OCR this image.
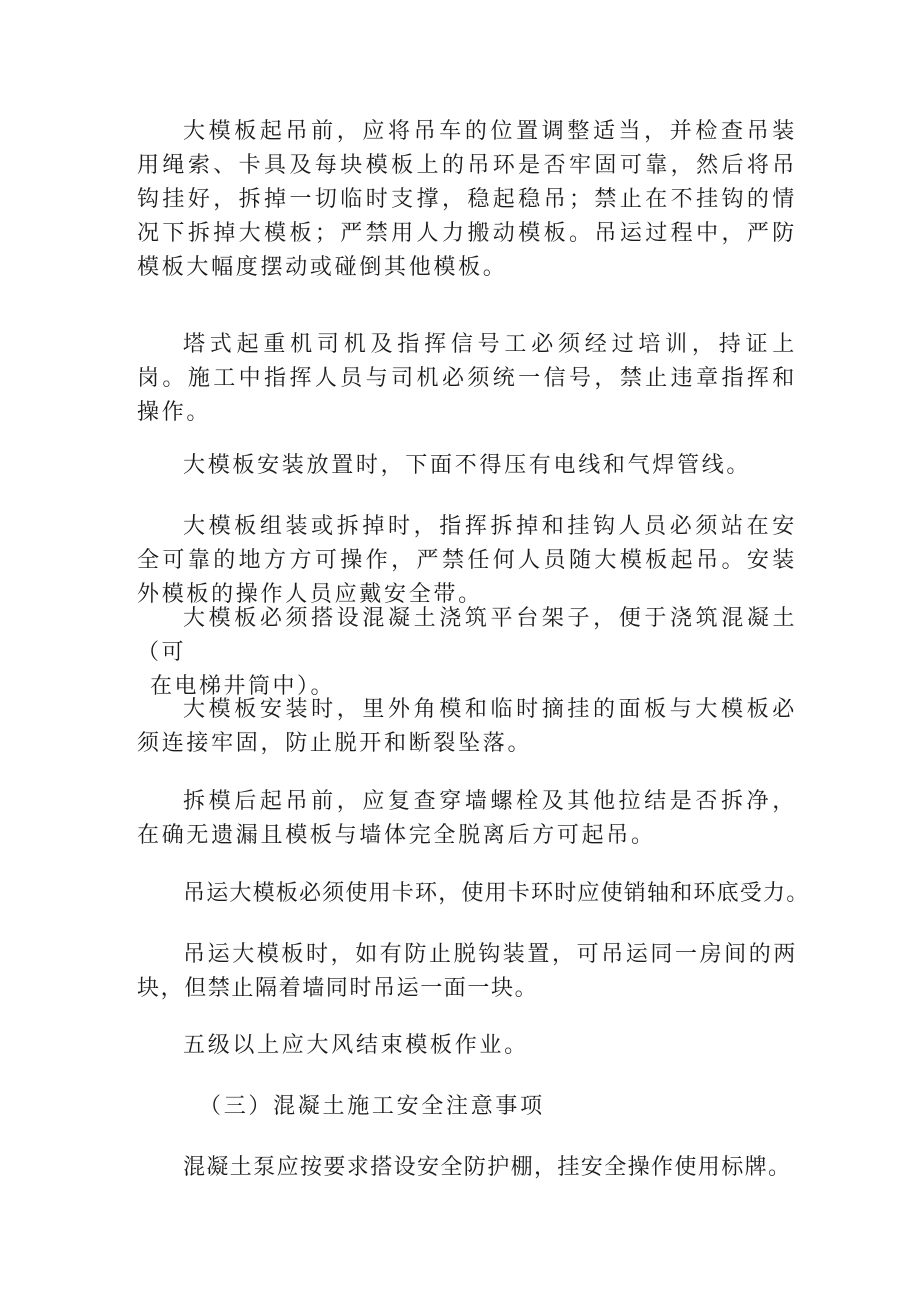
大模板起吊前，应将吊车的位置调整适当，并检查吊装用绳索、卡具及每块模板上的吊环是否牢固可靠，然后将吊钩挂好，拆掉一切临时支撑，稳起稳吊；禁止在不挂钩的情况下拆掉大模板；严禁用人力搬动模板。吊运过程中，严防模板大幅度摆动或碰倒其他模板。

塔式起重机司机及指挥信号工必须经过培训，持证上岗。施工中指挥人员与司机必须统一信号，禁止违章指挥和操作。

大模板安装放置时，下面不得压有电线和气焊管线。

大模板组装或拆掉时，指挥拆掉和挂钩人员必须站在安全可靠的地方方可操作，严禁任何人员随大模板起吊。安装外模板的操作人员应戴安全带。

大模板必须搭设混凝土浇筑平台架子，便于浇筑混凝土（可
在电梯井筒中）。

大模板安装时，里外角模和临时摘挂的面板与大模板必须连接牢固，防止脱开和断裂坠落。

拆模后起吊前，应复查穿墙螺栓及其他拉结是否拆净，在确无遗漏且模板与墙体完全脱离后方可起吊。

吊运大模板必须使用卡环，使用卡环时应使销轴和环底受力。

吊运大模板时，如有防止脱钩装置，可吊运同一房间的两块，但禁止隔着墙同时吊运一面一块。

五级以上应大风结束模板作业。

（三）混凝土施工安全注意事项

混凝土泵应按要求搭设安全防护棚，挂安全操作使用标牌。
